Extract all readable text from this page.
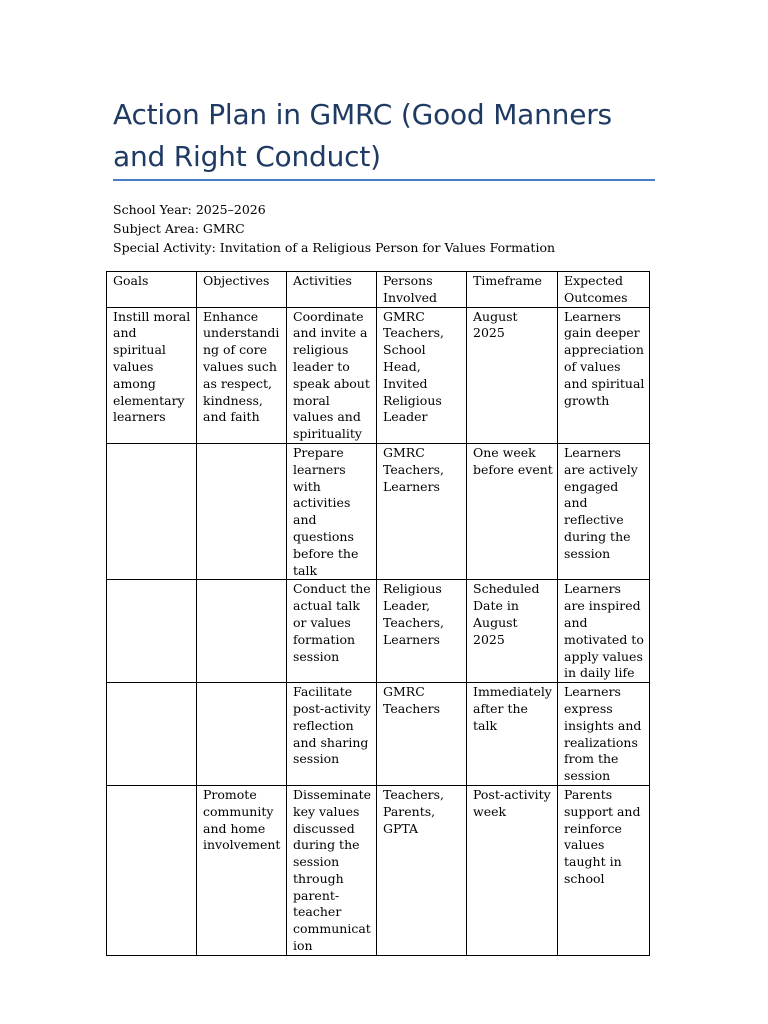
Action Plan in GMRC (Good Manners and Right Conduct)
School Year: 2025–2026
Subject Area: GMRC
Special Activity: Invitation of a Religious Person for Values Formation
Goals	Objectives	Activities	Persons Involved	Timeframe	Expected Outcomes
Instill moral and spiritual values among elementary learners	Enhance understanding of core values such as respect, kindness, and faith	Coordinate and invite a religious leader to speak about moral values and spirituality	GMRC Teachers, School Head, Invited Religious Leader	August 2025	Learners gain deeper appreciation of values and spiritual growth
		Prepare learners with activities and questions before the talk	GMRC Teachers, Learners	One week before event	Learners are actively engaged and reflective during the session
		Conduct the actual talk or values formation session	Religious Leader, Teachers, Learners	Scheduled Date in August 2025	Learners are inspired and motivated to apply values in daily life
		Facilitate post-activity reflection and sharing session	GMRC Teachers	Immediately after the talk	Learners express insights and realizations from the session
	Promote community and home involvement	Disseminate key values discussed during the session through parent-teacher communication	Teachers, Parents, GPTA	Post-activity week	Parents support and reinforce values taught in school
